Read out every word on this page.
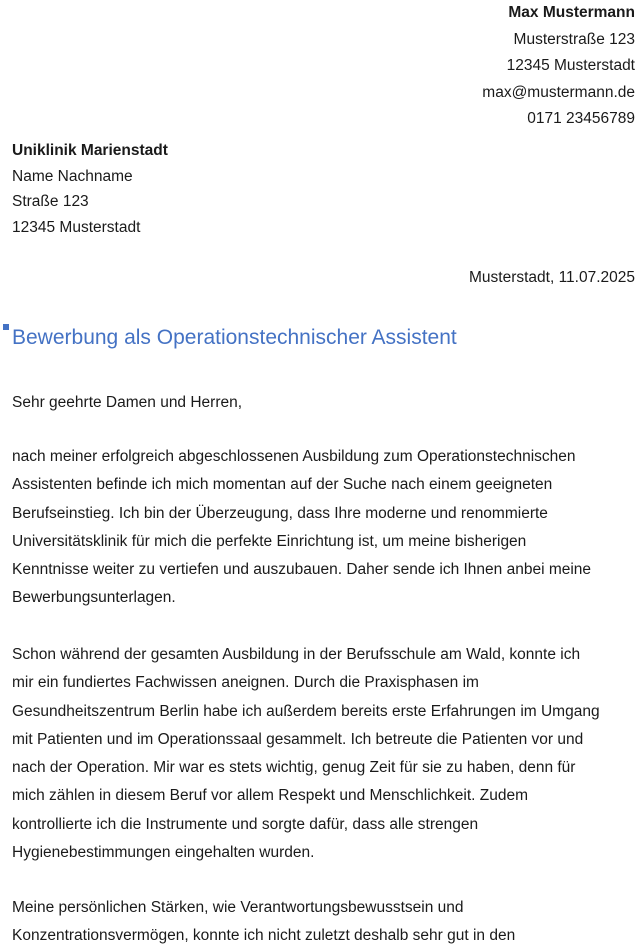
Max Mustermann
Musterstraße 123
12345 Musterstadt
max@mustermann.de
0171 23456789
Uniklinik Marienstadt
Name Nachname
Straße 123
12345 Musterstadt
Musterstadt, 11.07.2025
Bewerbung als Operationstechnischer Assistent
Sehr geehrte Damen und Herren,

nach meiner erfolgreich abgeschlossenen Ausbildung zum Operationstechnischen
Assistenten befinde ich mich momentan auf der Suche nach einem geeigneten
Berufseinstieg. Ich bin der Überzeugung, dass Ihre moderne und renommierte
Universitätsklinik für mich die perfekte Einrichtung ist, um meine bisherigen
Kenntnisse weiter zu vertiefen und auszubauen. Daher sende ich Ihnen anbei meine
Bewerbungsunterlagen.

Schon während der gesamten Ausbildung in der Berufsschule am Wald, konnte ich
mir ein fundiertes Fachwissen aneignen. Durch die Praxisphasen im
Gesundheitszentrum Berlin habe ich außerdem bereits erste Erfahrungen im Umgang
mit Patienten und im Operationssaal gesammelt. Ich betreute die Patienten vor und
nach der Operation. Mir war es stets wichtig, genug Zeit für sie zu haben, denn für
mich zählen in diesem Beruf vor allem Respekt und Menschlichkeit. Zudem
kontrollierte ich die Instrumente und sorgte dafür, dass alle strengen
Hygienebestimmungen eingehalten wurden.

Meine persönlichen Stärken, wie Verantwortungsbewusstsein und
Konzentrationsvermögen, konnte ich nicht zuletzt deshalb sehr gut in den
